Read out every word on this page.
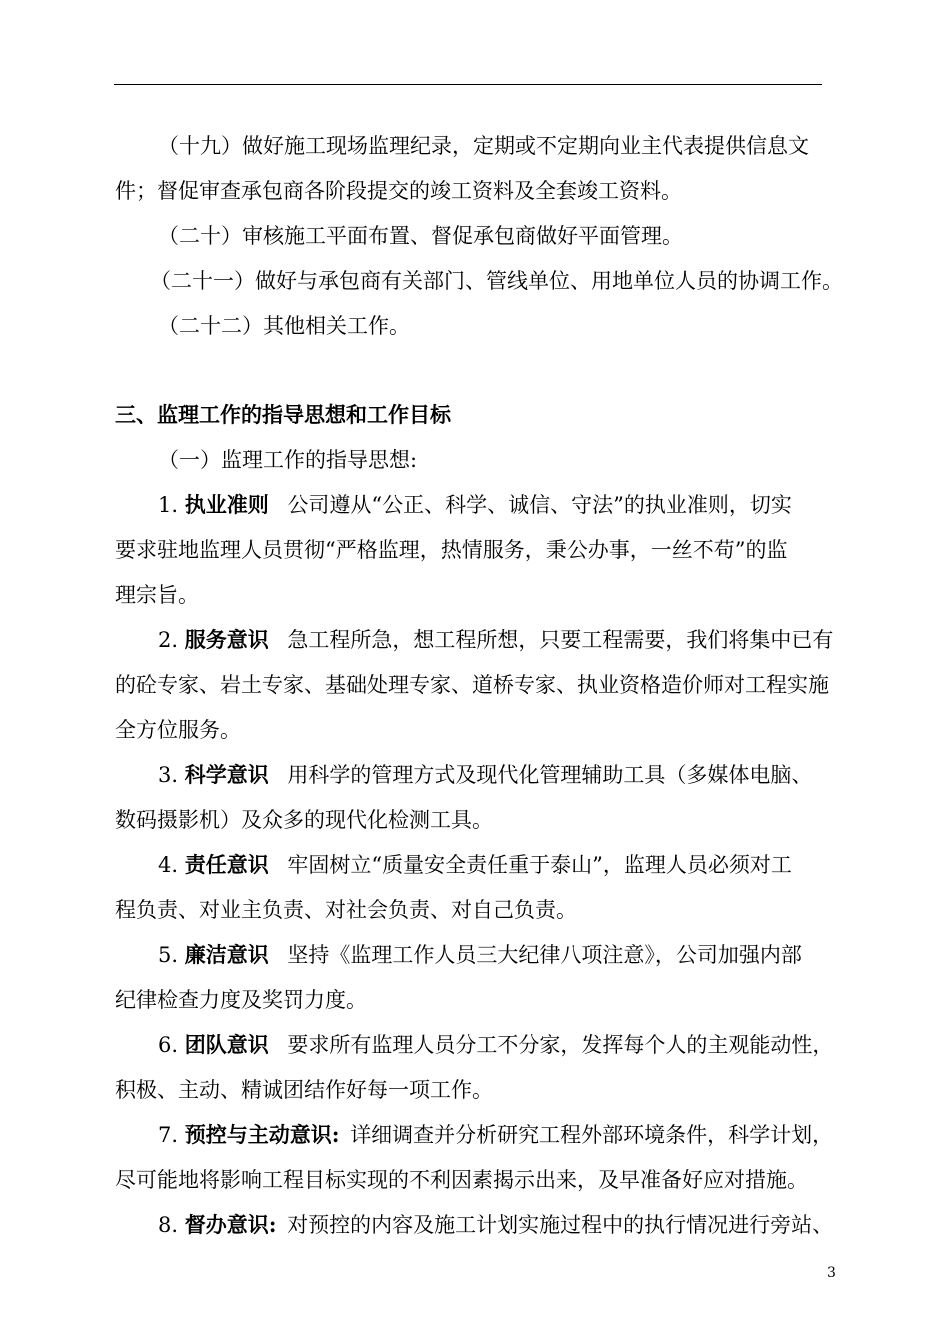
（十九）做好施工现场监理纪录，定期或不定期向业主代表提供信息文
件；督促审查承包商各阶段提交的竣工资料及全套竣工资料。
（二十）审核施工平面布置、督促承包商做好平面管理。
（二十一）做好与承包商有关部门、管线单位、用地单位人员的协调工作。
（二十二）其他相关工作。
三、监理工作的指导思想和工作目标
（一）监理工作的指导思想:
1. 执业准则 公司遵从“公正、科学、诚信、守法”的执业准则，切实
要求驻地监理人员贯彻“严格监理，热情服务，秉公办事，一丝不苟”的监
理宗旨。
2. 服务意识 急工程所急，想工程所想，只要工程需要，我们将集中已有
的砼专家、岩土专家、基础处理专家、道桥专家、执业资格造价师对工程实施
全方位服务。
3. 科学意识 用科学的管理方式及现代化管理辅助工具（多媒体电脑、
数码摄影机）及众多的现代化检测工具。
4. 责任意识 牢固树立“质量安全责任重于泰山”，监理人员必须对工
程负责、对业主负责、对社会负责、对自己负责。
5. 廉洁意识 坚持《监理工作人员三大纪律八项注意》，公司加强内部
纪律检查力度及奖罚力度。
6. 团队意识 要求所有监理人员分工不分家，发挥每个人的主观能动性，
积极、主动、精诚团结作好每一项工作。
7. 预控与主动意识: 详细调查并分析研究工程外部环境条件，科学计划，
尽可能地将影响工程目标实现的不利因素揭示出来，及早准备好应对措施。
8. 督办意识: 对预控的内容及施工计划实施过程中的执行情况进行旁站、
3
